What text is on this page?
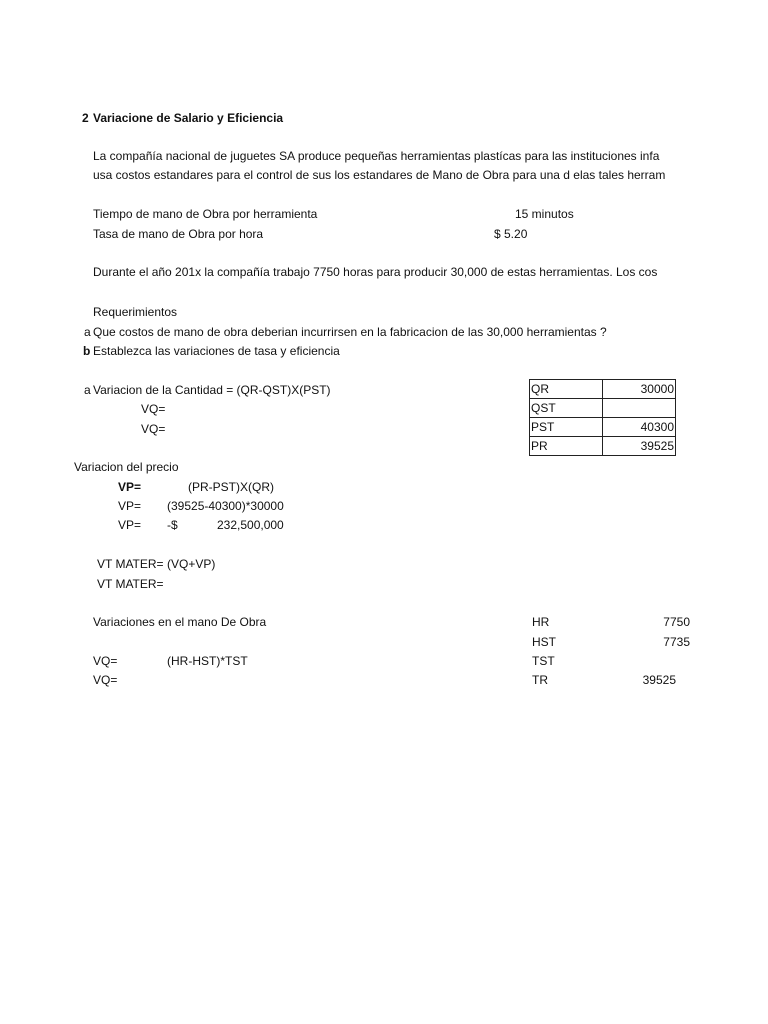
2 Variacione de Salario y Eficiencia
La compañía nacional de juguetes SA produce pequeñas herramientas plastícas para las instituciones infa
usa costos estandares para el control de sus los estandares de Mano de Obra para una d elas tales herram
Tiempo de mano de Obra por herramienta	15 minutos
Tasa de mano de Obra por hora	$ 5.20
Durante el año 201x la compañía trabajo 7750 horas para producir 30,000 de estas herramientas. Los cos
Requerimientos
a Que costos de mano de obra deberian incurrirsen en la fabricacion de las 30,000 herramientas ?
b Establezca las variaciones de tasa y eficiencia
a Variacion de la Cantidad = (QR-QST)X(PST)
VQ=
VQ=
QR	30000
QST	
PST	40300
PR	39525
Variacion del precio
VP=	(PR-PST)X(QR)
VP= (39525-40300)*30000
VP= -$	232,500,000
VT MATER= (VQ+VP)
VT MATER=
Variaciones en el mano De Obra
VQ=	(HR-HST)*TST
VQ=
HR	7750
HST	7735
TST
TR	39525
